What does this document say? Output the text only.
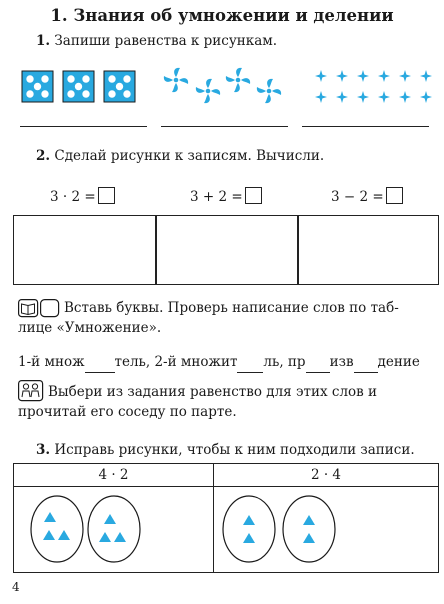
1. Знания об умножении и делении
1. Запиши равенства к рисункам.
2. Сделай рисунки к записям. Вычисли.
3 · 2 =	3 + 2 =	3 − 2 =
Вставь буквы. Проверь написание слов по таб-
лице «Умножение».
1-й множ тель, 2-й множит ль, пр изв дение
Выбери из задания равенство для этих слов и
прочитай его соседу по парте.
3. Исправь рисунки, чтобы к ним подходили записи.
4 · 2	2 · 4
4
